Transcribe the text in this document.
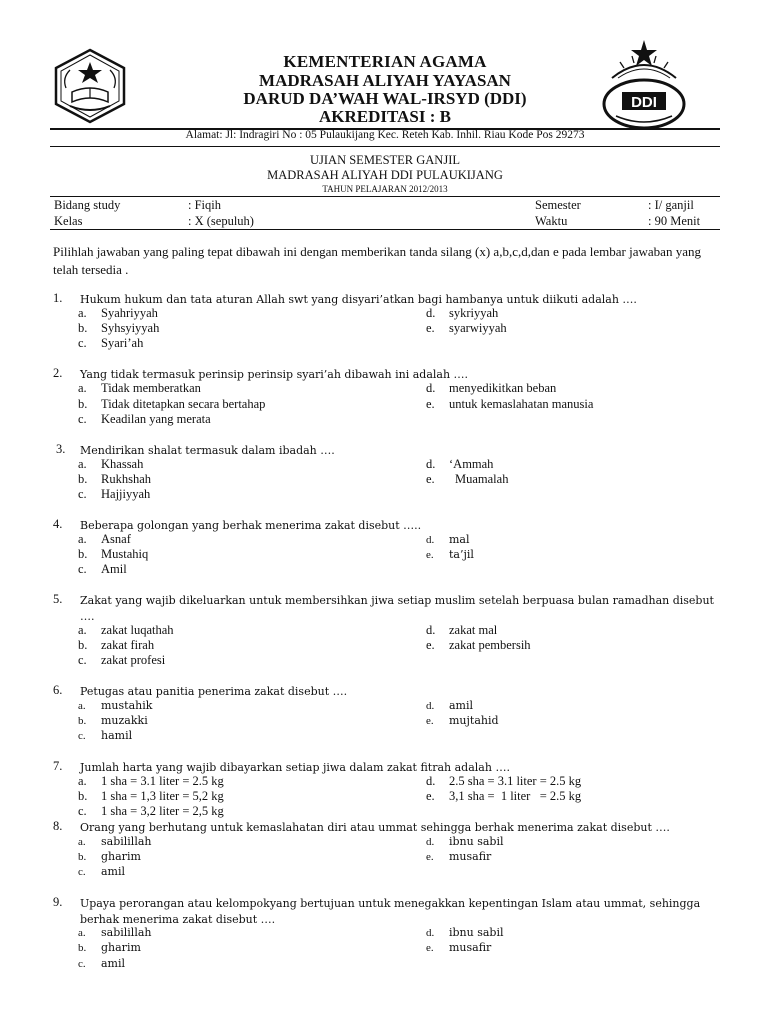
KEMENTERIAN AGAMA
MADRASAH ALIYAH YAYASAN
DARUD DA’WAH WAL-IRSYD (DDI)
AKREDITASI : B
DDI
Alamat: Jl: Indragiri No : 05 Pulaukijang Kec. Reteh Kab. Inhil. Riau Kode Pos 29273
UJIAN SEMESTER GANJIL
MADRASAH ALIYAH DDI PULAUKIJANG
TAHUN PELAJARAN 2012/2013
Bidang study	: Fiqih	Semester	: I/ ganjil
Kelas	: X (sepuluh)	Waktu	: 90 Menit
Pilihlah jawaban yang paling tepat dibawah ini dengan memberikan tanda silang (x) a,b,c,d,dan e pada lembar jawaban yang telah tersedia .
1. Hukum hukum dan tata aturan Allah swt yang disyari’atkan bagi hambanya untuk diikuti adalah ….
a. Syahriyyah
b. Syhsyiyyah
c. Syari’ah
d. sykriyyah
e. syarwiyyah
2. Yang tidak termasuk perinsip perinsip syari’ah dibawah ini adalah ….
a. Tidak memberatkan
b. Tidak ditetapkan secara bertahap
c. Keadilan yang merata
d. menyedikitkan beban
e. untuk kemaslahatan manusia
3. Mendirikan shalat termasuk dalam ibadah ….
a. Khassah
b. Rukhshah
c. Hajjiyyah
d. ‘Ammah
e. Muamalah
4. Beberapa golongan yang berhak menerima zakat disebut …..
a. Asnaf
b. Mustahiq
c. Amil
d. mal
e. ta’jil
5. Zakat yang wajib dikeluarkan untuk membersihkan jiwa setiap muslim setelah berpuasa bulan ramadhan disebut ….
a. zakat luqathah
b. zakat firah
c. zakat profesi
d. zakat mal
e. zakat pembersih
6. Petugas atau panitia penerima zakat disebut ….
a. mustahik
b. muzakki
c. hamil
d. amil
e. mujtahid
7. Jumlah harta yang wajib dibayarkan setiap jiwa dalam zakat fitrah adalah ….
a. 1 sha = 3.1 liter = 2.5 kg
b. 1 sha = 1,3 liter = 5,2 kg
c. 1 sha = 3,2 liter = 2,5 kg
d. 2.5 sha = 3.1 liter = 2.5 kg
e. 3,1 sha =  1 liter   = 2.5 kg
8. Orang yang berhutang untuk kemaslahatan diri atau ummat sehingga berhak menerima zakat disebut ….
a. sabilillah
b. gharim
c. amil
d. ibnu sabil
e. musafir
9. Upaya perorangan atau kelompokyang bertujuan untuk menegakkan kepentingan Islam atau ummat, sehingga berhak menerima zakat disebut ….
a. sabilillah
b. gharim
c. amil
d. ibnu sabil
e. musafir
